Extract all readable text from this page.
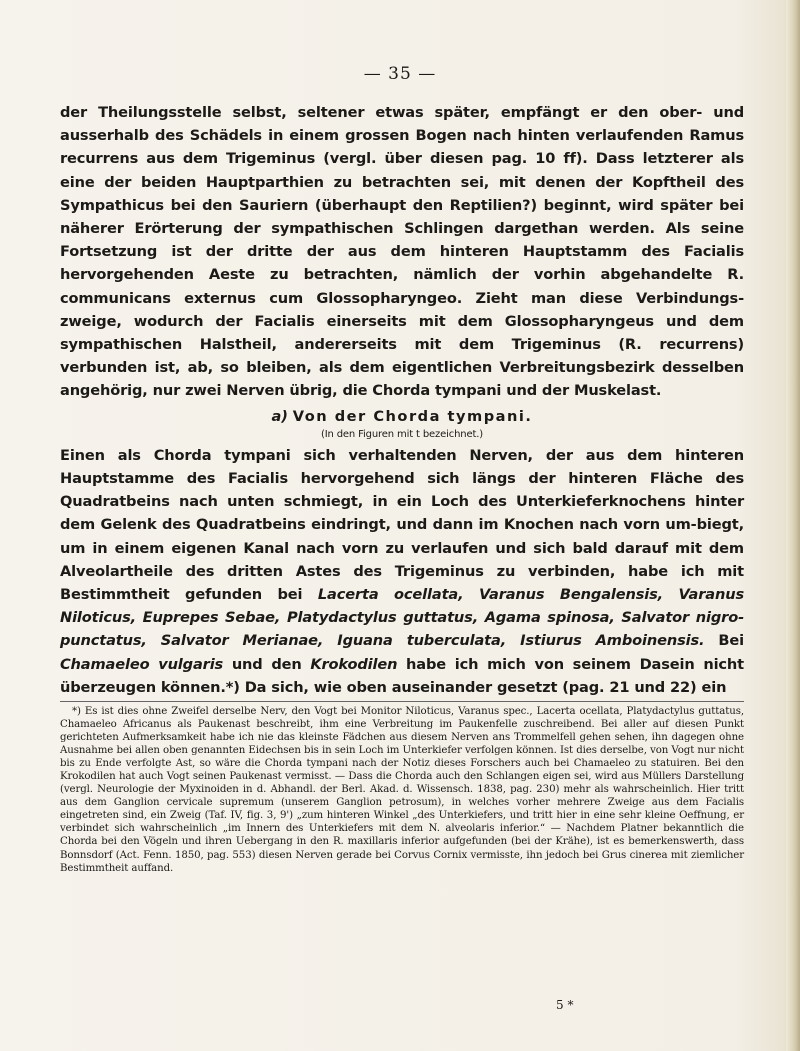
— 35 —

der Theilungsstelle selbst, seltener etwas später, empfängt er den ober- und ausserhalb des Schädels in einem grossen Bogen nach hinten verlaufenden Ramus recurrens aus dem Trigeminus (vergl. über diesen pag. 10 ff). Dass letzterer als eine der beiden Hauptparthien zu betrachten sei, mit denen der Kopftheil des Sympathicus bei den Sauriern (überhaupt den Reptilien?) beginnt, wird später bei näherer Erörterung der sympathischen Schlingen dargethan werden. Als seine Fortsetzung ist der dritte der aus dem hinteren Hauptstamm des Facialis hervorgehenden Aeste zu betrachten, nämlich der vorhin abgehandelte R. communicans externus cum Glossopharyngeo. Zieht man diese Verbindungs-zweige, wodurch der Facialis einerseits mit dem Glossopharyngeus und dem sympathischen Halstheil, andererseits mit dem Trigeminus (R. recurrens) verbunden ist, ab, so bleiben, als dem eigentlichen Verbreitungsbezirk desselben angehörig, nur zwei Nerven übrig, die Chorda tympani und der Muskelast.

a) Von der Chorda tympani.
(In den Figuren mit t bezeichnet.)

Einen als Chorda tympani sich verhaltenden Nerven, der aus dem hinteren Hauptstamme des Facialis hervorgehend sich längs der hinteren Fläche des Quadratbeins nach unten schmiegt, in ein Loch des Unterkieferknochens hinter dem Gelenk des Quadratbeins eindringt, und dann im Knochen nach vorn um-biegt, um in einem eigenen Kanal nach vorn zu verlaufen und sich bald darauf mit dem Alveolartheile des dritten Astes des Trigeminus zu verbinden, habe ich mit Bestimmtheit gefunden bei Lacerta ocellata, Varanus Bengalensis, Varanus Niloticus, Euprepes Sebae, Platydactylus guttatus, Agama spinosa, Salvator nigro-punctatus, Salvator Merianae, Iguana tuberculata, Istiurus Amboinensis. Bei Chamaeleo vulgaris und den Krokodilen habe ich mich von seinem Dasein nicht überzeugen können.*) Da sich, wie oben auseinander gesetzt (pag. 21 und 22) ein

*) Es ist dies ohne Zweifel derselbe Nerv, den Vogt bei Monitor Niloticus, Varanus spec., Lacerta ocellata, Platydactylus guttatus, Chamaeleo Africanus als Paukenast beschreibt, ihm eine Verbreitung im Paukenfelle zuschreibend. Bei aller auf diesen Punkt gerichteten Aufmerksamkeit habe ich nie das kleinste Fädchen aus diesem Nerven ans Trommelfell gehen sehen, ihn dagegen ohne Ausnahme bei allen oben genannten Eidechsen bis in sein Loch im Unterkiefer verfolgen können. Ist dies derselbe, von Vogt nur nicht bis zu Ende verfolgte Ast, so wäre die Chorda tympani nach der Notiz dieses Forschers auch bei Chamaeleo zu statuiren. Bei den Krokodilen hat auch Vogt seinen Paukenast vermisst. — Dass die Chorda auch den Schlangen eigen sei, wird aus Müllers Darstellung (vergl. Neurologie der Myxinoiden in d. Abhandl. der Berl. Akad. d. Wissensch. 1838, pag. 230) mehr als wahrscheinlich. Hier tritt aus dem Ganglion cervicale supremum (unserem Ganglion petrosum), in welches vorher mehrere Zweige aus dem Facialis eingetreten sind, ein Zweig (Taf. IV, fig. 3, 9') „zum hinteren Winkel „des Unterkiefers, und tritt hier in eine sehr kleine Oeffnung, er verbindet sich wahrscheinlich „im Innern des Unterkiefers mit dem N. alveolaris inferior.“ — Nachdem Platner bekanntlich die Chorda bei den Vögeln und ihren Uebergang in den R. maxillaris inferior aufgefunden (bei der Krähe), ist es bemerkenswerth, dass Bonnsdorf (Act. Fenn. 1850, pag. 553) diesen Nerven gerade bei Corvus Cornix vermisste, ihn jedoch bei Grus cinerea mit ziemlicher Bestimmtheit auffand.

5 *
